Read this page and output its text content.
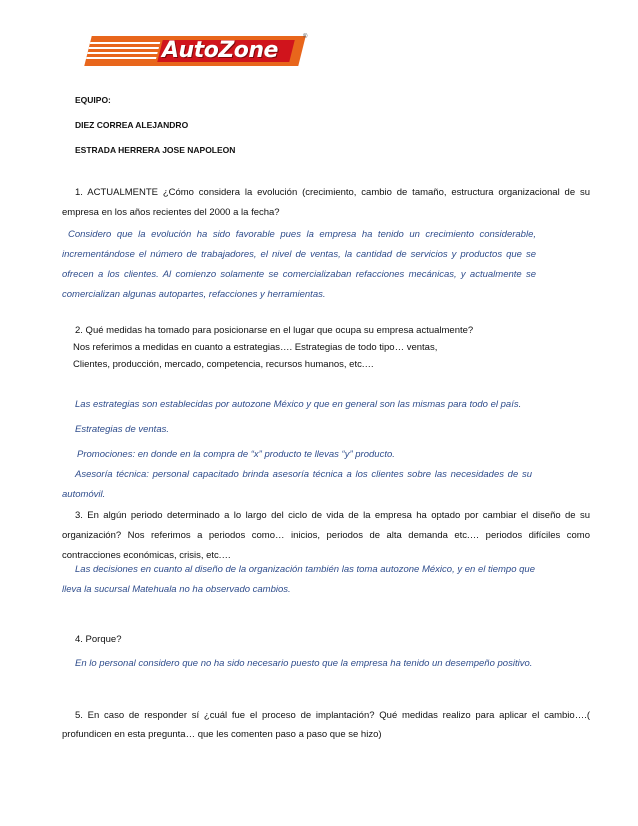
AutoZone
®
EQUIPO:
DIEZ CORREA ALEJANDRO
ESTRADA HERRERA JOSE NAPOLEON
1. ACTUALMENTE ¿Cómo considera la evolución (crecimiento, cambio de tamaño, estructura organizacional de su
empresa en los años recientes del 2000 a la fecha?
Considero que la evolución ha sido favorable pues la empresa ha tenido un crecimiento considerable,
incrementándose el número de trabajadores, el nivel de ventas, la cantidad de servicios y productos que se
ofrecen a los clientes. Al comienzo solamente se comercializaban refacciones mecánicas, y actualmente se
comercializan algunas autopartes, refacciones y herramientas.
2. Qué medidas ha tomado para posicionarse en el lugar que ocupa su empresa actualmente?
Nos referimos a medidas en cuanto a estrategias…. Estrategias de todo tipo… ventas,
Clientes, producción, mercado, competencia, recursos humanos, etc.…
Las estrategias son establecidas por autozone México y que en general son las mismas para todo el país.
Estrategias de ventas.
Promociones: en donde en la compra de “x” producto te llevas “y” producto.
Asesoría técnica: personal capacitado brinda asesoría técnica a los clientes sobre las necesidades de su
automóvil.
3. En algún periodo determinado a lo largo del ciclo de vida de la empresa ha optado por cambiar el diseño de su
organización? Nos referimos a periodos como… inicios, periodos de alta demanda etc.… periodos difíciles como
contracciones económicas, crisis, etc.…
Las decisiones en cuanto al diseño de la organización también las toma autozone México, y en el tiempo que
lleva la sucursal Matehuala no ha observado cambios.
4. Porque?
En lo personal considero que no ha sido necesario puesto que la empresa ha tenido un desempeño positivo.
5. En caso de responder sí ¿cuál fue el proceso de implantación? Qué medidas realizo para aplicar el cambio….(
profundicen en esta pregunta… que les comenten paso a paso que se hizo)
